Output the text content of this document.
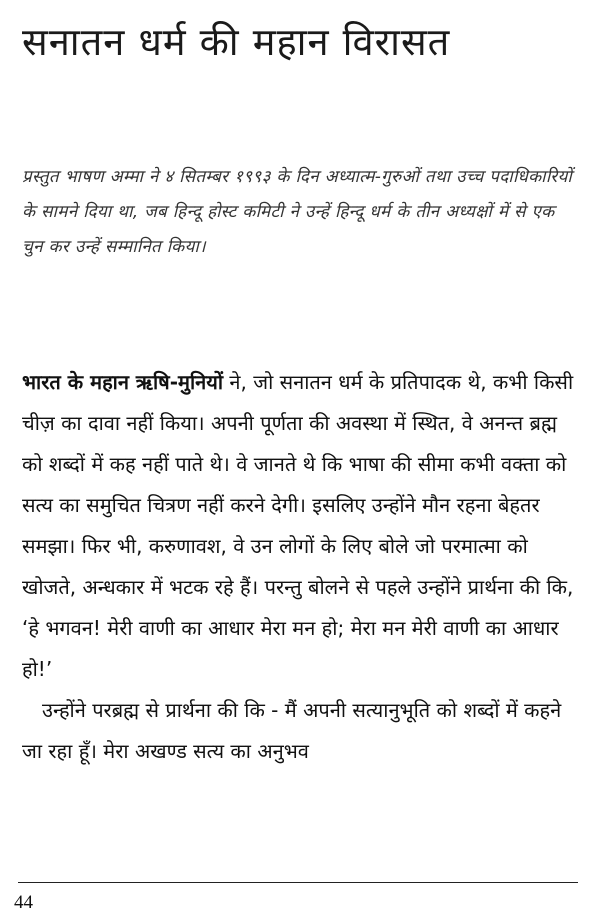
सनातन धर्म की महान विरासत

प्रस्तुत भाषण अम्मा ने ४ सितम्बर १९९३ के दिन अध्यात्म-गुरुओं तथा उच्च पदाधिकारियों के सामने दिया था, जब हिन्दू होस्ट कमिटी ने उन्हें हिन्दू धर्म के तीन अध्यक्षों में से एक चुन कर उन्हें सम्मानित किया।

भारत के महान ऋषि-मुनियों ने, जो सनातन धर्म के प्रतिपादक थे, कभी किसी चीज़ का दावा नहीं किया। अपनी पूर्णता की अवस्था में स्थित, वे अनन्त ब्रह्म को शब्दों में कह नहीं पाते थे। वे जानते थे कि भाषा की सीमा कभी वक्ता को सत्य का समुचित चित्रण नहीं करने देगी। इसलिए उन्होंने मौन रहना बेहतर समझा। फिर भी, करुणावश, वे उन लोगों के लिए बोले जो परमात्मा को खोजते, अन्धकार में भटक रहे हैं। परन्तु बोलने से पहले उन्होंने प्रार्थना की कि, ‘हे भगवन! मेरी वाणी का आधार मेरा मन हो; मेरा मन मेरी वाणी का आधार हो!’

उन्होंने परब्रह्म से प्रार्थना की कि - मैं अपनी सत्यानुभूति को शब्दों में कहने जा रहा हूँ। मेरा अखण्ड सत्य का अनुभव

44
